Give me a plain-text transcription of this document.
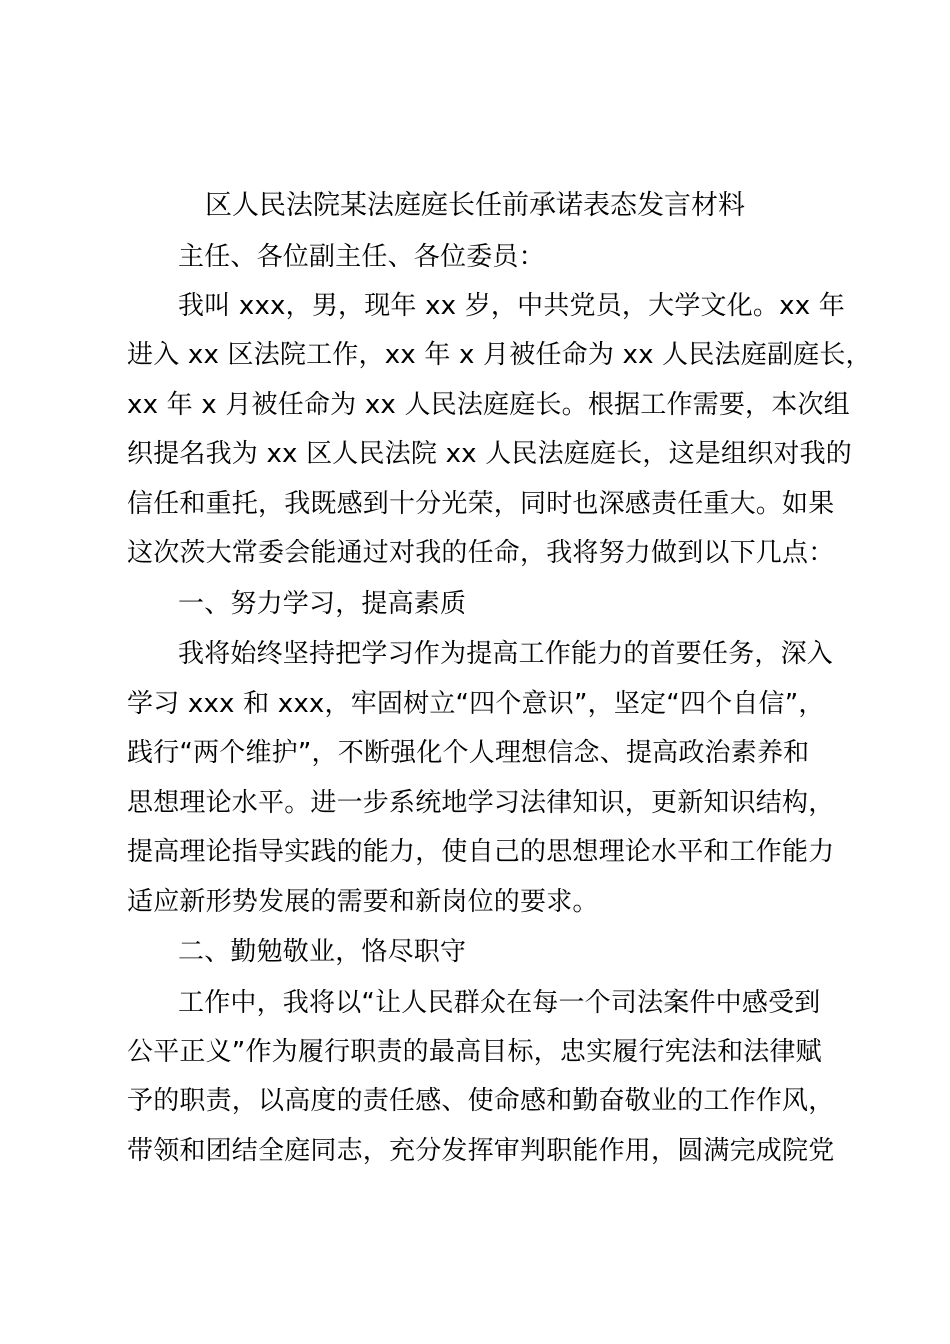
区人民法院某法庭庭长任前承诺表态发言材料
主任、各位副主任、各位委员：
我叫 xxx，男，现年 xx 岁，中共党员，大学文化。xx 年
进入 xx 区法院工作，xx 年 x 月被任命为 xx 人民法庭副庭长，
xx 年 x 月被任命为 xx 人民法庭庭长。根据工作需要，本次组
织提名我为 xx 区人民法院 xx 人民法庭庭长，这是组织对我的
信任和重托，我既感到十分光荣，同时也深感责任重大。如果
这次茨大常委会能通过对我的任命，我将努力做到以下几点：
一、努力学习，提高素质
我将始终坚持把学习作为提高工作能力的首要任务，深入
学习 xxx 和 xxx，牢固树立“四个意识”，坚定“四个自信”，
践行“两个维护”，不断强化个人理想信念、提高政治素养和
思想理论水平。进一步系统地学习法律知识，更新知识结构，
提高理论指导实践的能力，使自己的思想理论水平和工作能力
适应新形势发展的需要和新岗位的要求。
二、勤勉敬业，恪尽职守
工作中，我将以“让人民群众在每一个司法案件中感受到
公平正义”作为履行职责的最高目标，忠实履行宪法和法律赋
予的职责，以高度的责任感、使命感和勤奋敬业的工作作风，
带领和团结全庭同志，充分发挥审判职能作用，圆满完成院党
